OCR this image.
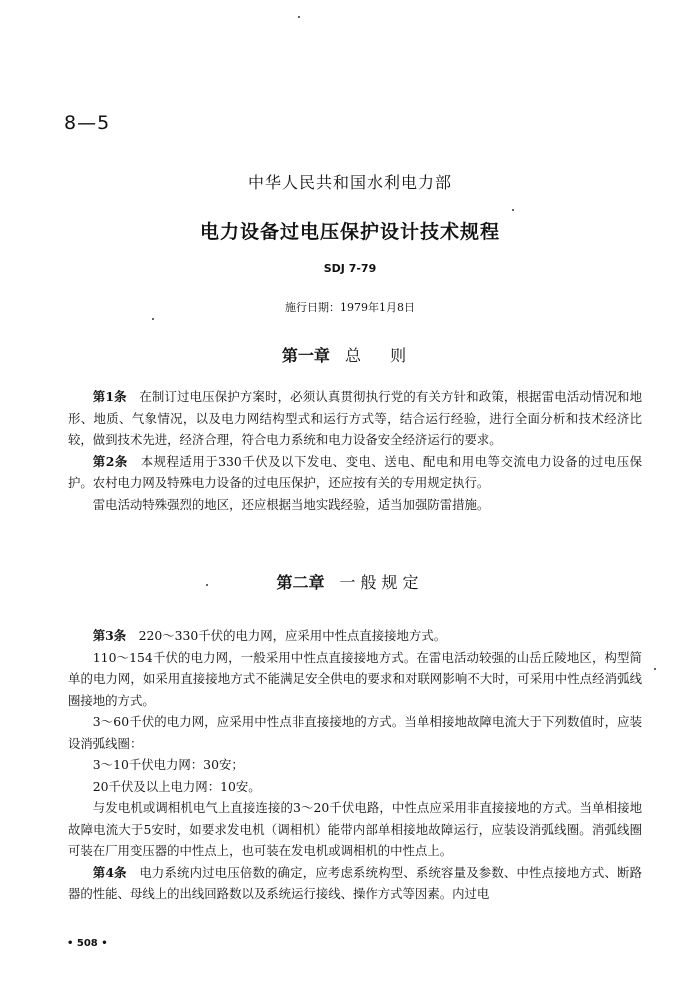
8—5
中华人民共和国水利电力部
电力设备过电压保护设计技术规程
SDJ 7-79
施行日期：1979年1月8日
第一章 总 则

第1条　 在制订过电压保护方案时，必须认真贯彻执行党的有关方针和政策，根据雷电活动情况和地形、地质、气象情况，以及电力网结构型式和运行方式等，结合运行经验，进行全面分析和技术经济比较，做到技术先进，经济合理，符合电力系统和电力设备安全经济运行的要求。

第2条　 本规程适用于330千伏及以下发电、变电、送电、配电和用电等交流电力设备的过电压保护。农村电力网及特殊电力设备的过电压保护，还应按有关的专用规定执行。

雷电活动特殊强烈的地区，还应根据当地实践经验，适当加强防雷措施。

第二章 一般规定

第3条　 220～330千伏的电力网，应采用中性点直接接地方式。

110～154千伏的电力网，一般采用中性点直接接地方式。在雷电活动较强的山岳丘陵地区，构型简单的电力网，如采用直接接地方式不能满足安全供电的要求和对联网影响不大时，可采用中性点经消弧线圈接地的方式。

3～60千伏的电力网，应采用中性点非直接接地的方式。当单相接地故障电流大于下列数值时，应装设消弧线圈：

3～10千伏电力网：30安；

20千伏及以上电力网：10安。

与发电机或调相机电气上直接连接的3～20千伏电路，中性点应采用非直接接地的方式。当单相接地故障电流大于5安时，如要求发电机（调相机）能带内部单相接地故障运行，应装设消弧线圈。消弧线圈可装在厂用变压器的中性点上，也可装在发电机或调相机的中性点上。

第4条　 电力系统内过电压倍数的确定，应考虑系统构型、系统容量及参数、中性点接地方式、断路器的性能、母线上的出线回路数以及系统运行接线、操作方式等因素。内过电

• 508 •
